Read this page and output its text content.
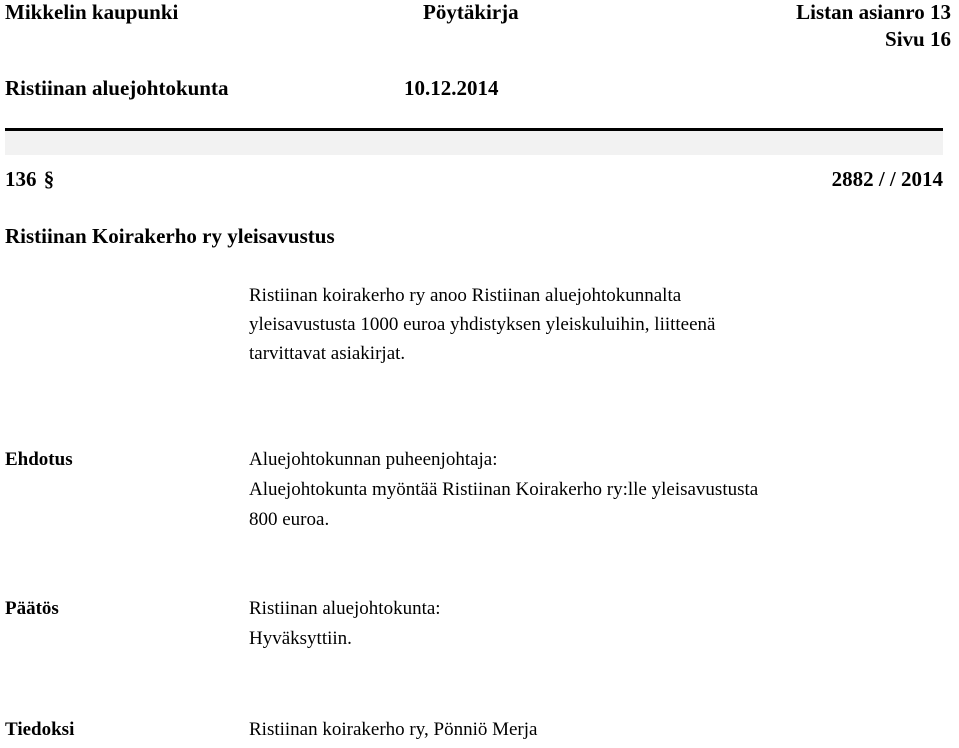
Mikkelin kaupunki	Pöytäkirja	Listan asianro 13
Sivu 16
Ristiinan aluejohtokunta	10.12.2014
136 §	2882 / / 2014
Ristiinan Koirakerho ry yleisavustus
Ristiinan koirakerho ry anoo Ristiinan aluejohtokunnalta
yleisavustusta 1000 euroa yhdistyksen yleiskuluihin, liitteenä
tarvittavat asiakirjat.
Ehdotus	Aluejohtokunnan puheenjohtaja:
Aluejohtokunta myöntää Ristiinan Koirakerho ry:lle yleisavustusta
800 euroa.
Päätös	Ristiinan aluejohtokunta:
Hyväksyttiin.
Tiedoksi	Ristiinan koirakerho ry, Pönniö Merja
